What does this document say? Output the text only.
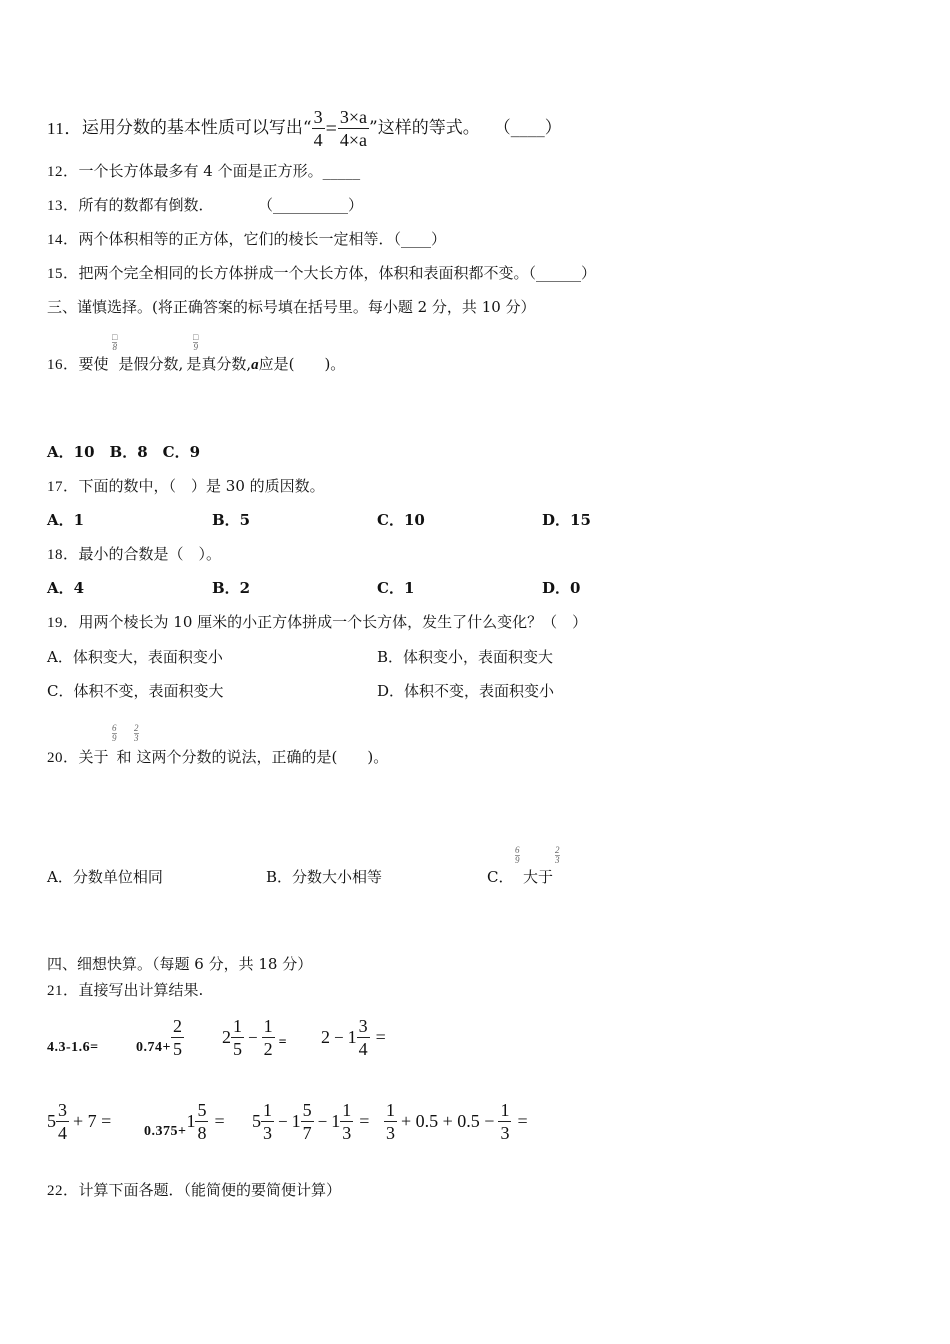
11． 运用分数的基本性质可以写出 “ $\frac{3}{4} = \frac{3\times a}{4\times a}$ ” 这样的等式。 （____）
12．一个长方体最多有 4 个面是正方形。_____
13．所有的数都有倒数．	（__________）
14．两个体积相等的正方体，它们的棱长一定相等．（____）
15．把两个完全相同的长方体拼成一个大长方体，体积和表面积都不变。（______）
三、谨慎选择。(将正确答案的标号填在括号里。每小题 2 分，共 10 分）
□
8
□
9
16．要使 是假分数, 是真分数,a应是(　　)。
A．10　B．8　C．9
17．下面的数中，（　）是 30 的质因数。
A．1	B．5	C．10	D．15
18．最小的合数是（　）。
A．4	B．2	C．1	D．0
19．用两个棱长为 10 厘米的小正方体拼成一个长方体，发生了什么变化？（　）
A．体积变大，表面积变小	B．体积变小，表面积变大
C．体积不变，表面积变大	D．体积不变，表面积变小
$\frac{6}{9} \frac{2}{3}$
20．关于 和 这两个分数的说法，正确的是(　　)。
A．分数单位相同	B．分数大小相等	C．
$\frac{6}{9}$
大于
$\frac{2}{3}$
四、细想快算。（每题 6 分，共 18 分）
21．直接写出计算结果.
4.3-1.6=	$0.74+ \frac{2}{5} 2 \frac{1}{5} - \frac{1}{2} = 2 - 1 \frac{3}{4}$ =
$5 \frac{3}{4} + 7$ =
0.375+
$1 \frac{5}{8} = 5 \frac{1}{3} - 1 \frac{5}{7} - 1 \frac{1}{3} = \frac{1}{3} + 0.5 + 0.5 - \frac{1}{3}$ =
22．计算下面各题．（能简便的要简便计算）
